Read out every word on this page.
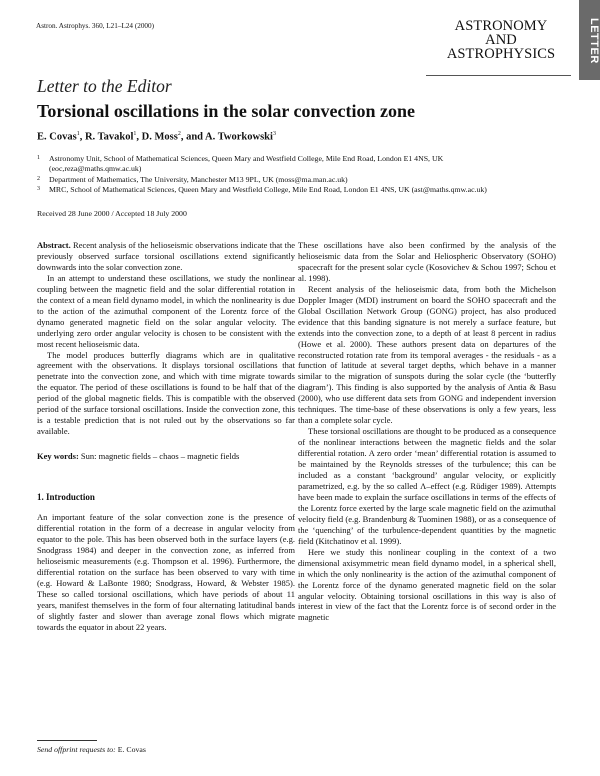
Astron. Astrophys. 360, L21–L24 (2000)	ASTRONOMY
AND
ASTROPHYSICS	LETTER
Letter to the Editor
Torsional oscillations in the solar convection zone
E. Covas$^1$, R. Tavakol$^1$, D. Moss$^2$, and A. Tworkowski$^3$
1 Astronomy Unit, School of Mathematical Sciences, Queen Mary and Westfield College, Mile End Road, London E1 4NS, UK
(eoc,reza@maths.qmw.ac.uk)
2 Department of Mathematics, The University, Manchester M13 9PL, UK (moss@ma.man.ac.uk)
3 MRC, School of Mathematical Sciences, Queen Mary and Westfield College, Mile End Road, London E1 4NS, UK (ast@maths.qmw.ac.uk)
Received 28 June 2000 / Accepted 18 July 2000

Abstract. Recent analysis of the helioseismic observations indicate that the previously observed surface torsional oscillations extend significantly downwards into the solar convection zone.

In an attempt to understand these oscillations, we study the nonlinear coupling between the magnetic field and the solar differential rotation in the context of a mean field dynamo model, in which the nonlinearity is due to the action of the azimuthal component of the Lorentz force of the dynamo generated magnetic field on the solar angular velocity. The underlying zero order angular velocity is chosen to be consistent with the most recent helioseismic data.

The model produces butterfly diagrams which are in qualitative agreement with the observations. It displays torsional oscillations that penetrate into the convection zone, and which with time migrate towards the equator. The period of these oscillations is found to be half that of the period of the global magnetic fields. This is compatible with the observed period of the surface torsional oscillations. Inside the convection zone, this is a testable prediction that is not ruled out by the observations so far available.

Key words: Sun: magnetic fields – chaos – magnetic fields

1. Introduction

An important feature of the solar convection zone is the presence of differential rotation in the form of a decrease in angular velocity from equator to the pole. This has been observed both in the surface layers (e.g. Snodgrass 1984) and deeper in the convection zone, as inferred from helioseismic measurements (e.g. Thompson et al. 1996). Furthermore, the differential rotation on the surface has been observed to vary with time (e.g. Howard & LaBonte 1980; Snodgrass, Howard, & Webster 1985). These so called torsional oscillations, which have periods of about 11 years, manifest themselves in the form of four alternating latitudinal bands of slightly faster and slower than average zonal flows which migrate towards the equator in about 22 years.

These oscillations have also been confirmed by the analysis of the helioseismic data from the Solar and Heliospheric Observatory (SOHO) spacecraft for the present solar cycle (Kosovichev & Schou 1997; Schou et al. 1998).

Recent analysis of the helioseismic data, from both the Michelson Doppler Imager (MDI) instrument on board the SOHO spacecraft and the Global Oscillation Network Group (GONG) project, has also produced evidence that this banding signature is not merely a surface feature, but extends into the convection zone, to a depth of at least 8 percent in radius (Howe et al. 2000). These authors present data on departures of the reconstructed rotation rate from its temporal averages - the residuals - as a function of latitude at several target depths, which behave in a manner similar to the migration of sunspots during the solar cycle (the ‘butterfly diagram’). This finding is also supported by the analysis of Antia & Basu (2000), who use different data sets from GONG and independent inversion techniques. The time-base of these observations is only a few years, less than a complete solar cycle.

These torsional oscillations are thought to be produced as a consequence of the nonlinear interactions between the magnetic fields and the solar differential rotation. A zero order ‘mean’ differential rotation is assumed to be maintained by the Reynolds stresses of the turbulence; this can be included as a constant ‘background’ angular velocity, or explicitly parametrized, e.g. by the so called Λ–effect (e.g. Rüdiger 1989). Attempts have been made to explain the surface oscillations in terms of the effects of the Lorentz force exerted by the large scale magnetic field on the azimuthal velocity field (e.g. Brandenburg & Tuominen 1988), or as a consequence of the ‘quenching’ of the turbulence-dependent quantities by the magnetic field (Kitchatinov et al. 1999).

Here we study this nonlinear coupling in the context of a two dimensional axisymmetric mean field dynamo model, in a spherical shell, in which the only nonlinearity is the action of the azimuthal component of the Lorentz force of the dynamo generated magnetic field on the solar angular velocity. Obtaining torsional oscillations in this way is also of interest in view of the fact that the Lorentz force is of second order in the magnetic

Send offprint requests to: E. Covas
